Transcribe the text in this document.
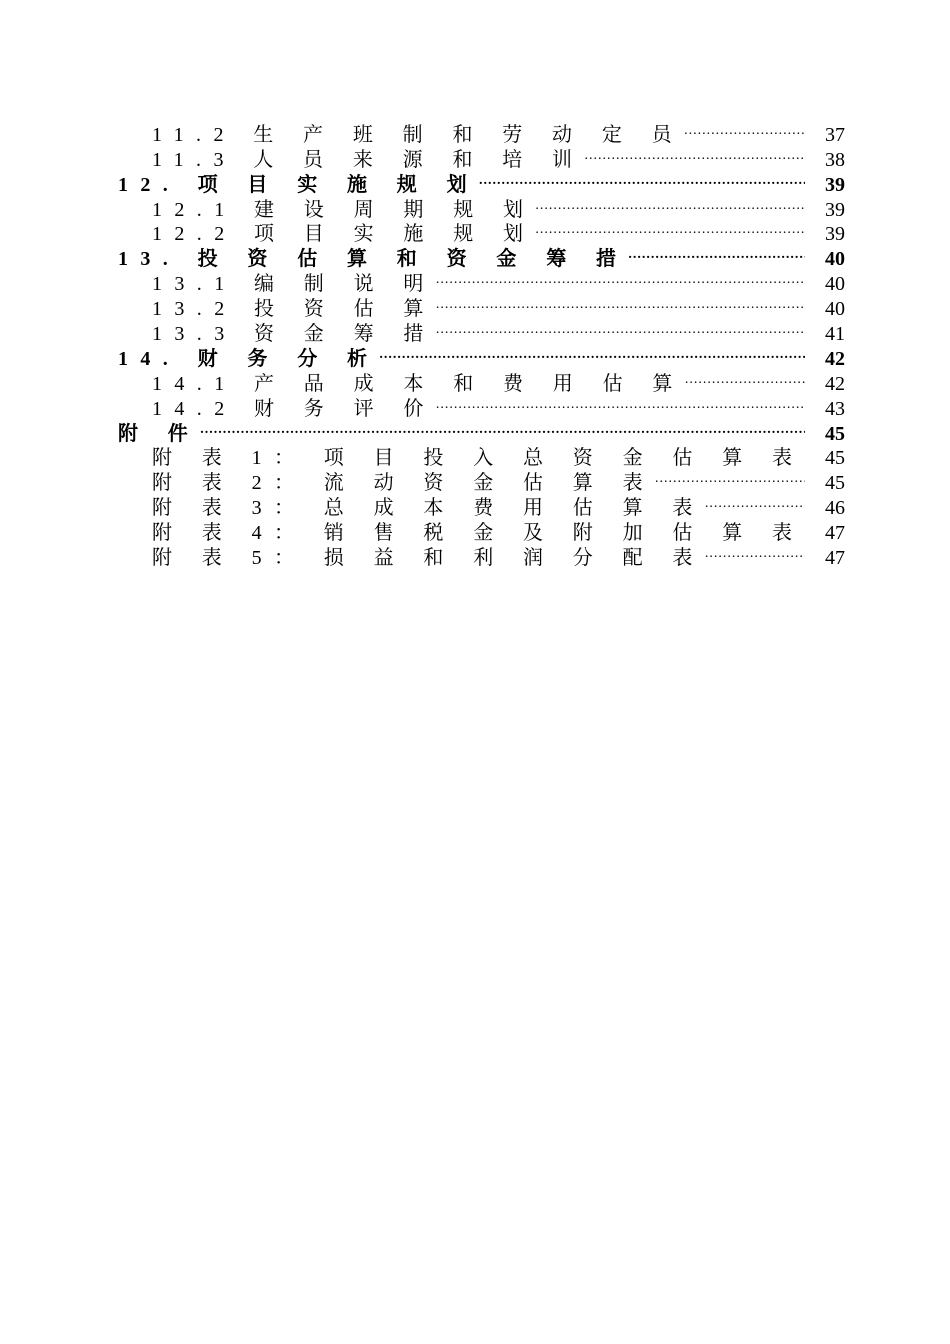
11.2 生 产 班 制 和 劳 动 定 员 .....	37
11.3 人 员 来 源 和 培 训 .....	38
12. 项 目 实 施 规 划 .....	39
12.1 建 设 周 期 规 划 .....	39
12.2 项 目 实 施 规 划 .....	39
13. 投 资 估 算 和 资 金 筹 措 .....	40
13.1 编 制 说 明 .....	40
13.2 投 资 估 算 .....	40
13.3 资 金 筹 措 .....	41
14. 财 务 分 析 .....	42
14.1 产 品 成 本 和 费 用 估 算 .....	42
14.2 财 务 评 价 .....	43
附 件 .....	45
附 表 1： 项 目 投 入 总 资 金 估 算 表 .....	45
附 表 2： 流 动 资 金 估 算 表 .....	45
附 表 3： 总 成 本 费 用 估 算 表 .....	46
附 表 4： 销 售 税 金 及 附 加 估 算 表 .....	47
附 表 5： 损 益 和 利 润 分 配 表 .....	47
